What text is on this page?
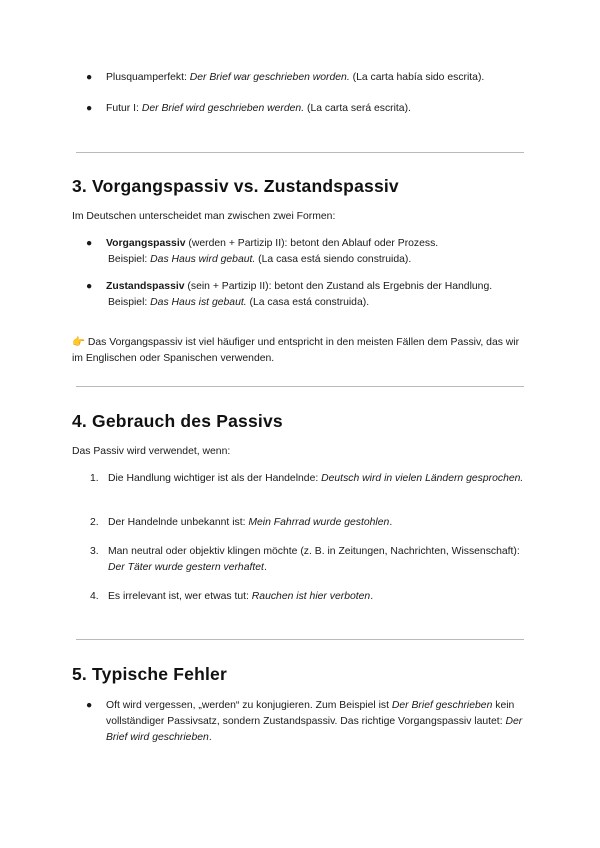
● Plusquamperfekt: Der Brief war geschrieben worden. (La carta había sido escrita).
● Futur I: Der Brief wird geschrieben werden. (La carta será escrita).
3. Vorgangspassiv vs. Zustandspassiv
Im Deutschen unterscheidet man zwischen zwei Formen:
● Vorgangspassiv (werden + Partizip II): betont den Ablauf oder Prozess.
Beispiel: Das Haus wird gebaut. (La casa está siendo construida).
● Zustandspassiv (sein + Partizip II): betont den Zustand als Ergebnis der Handlung.
Beispiel: Das Haus ist gebaut. (La casa está construida).
👉 Das Vorgangspassiv ist viel häufiger und entspricht in den meisten Fällen dem Passiv, das wir im Englischen oder Spanischen verwenden.
4. Gebrauch des Passivs
Das Passiv wird verwendet, wenn:
1. Die Handlung wichtiger ist als der Handelnde: Deutsch wird in vielen Ländern gesprochen.
2. Der Handelnde unbekannt ist: Mein Fahrrad wurde gestohlen.
3. Man neutral oder objektiv klingen möchte (z. B. in Zeitungen, Nachrichten, Wissenschaft): Der Täter wurde gestern verhaftet.
4. Es irrelevant ist, wer etwas tut: Rauchen ist hier verboten.
5. Typische Fehler
● Oft wird vergessen, „werden“ zu konjugieren. Zum Beispiel ist Der Brief geschrieben kein vollständiger Passivsatz, sondern Zustandspassiv. Das richtige Vorgangspassiv lautet: Der Brief wird geschrieben.
